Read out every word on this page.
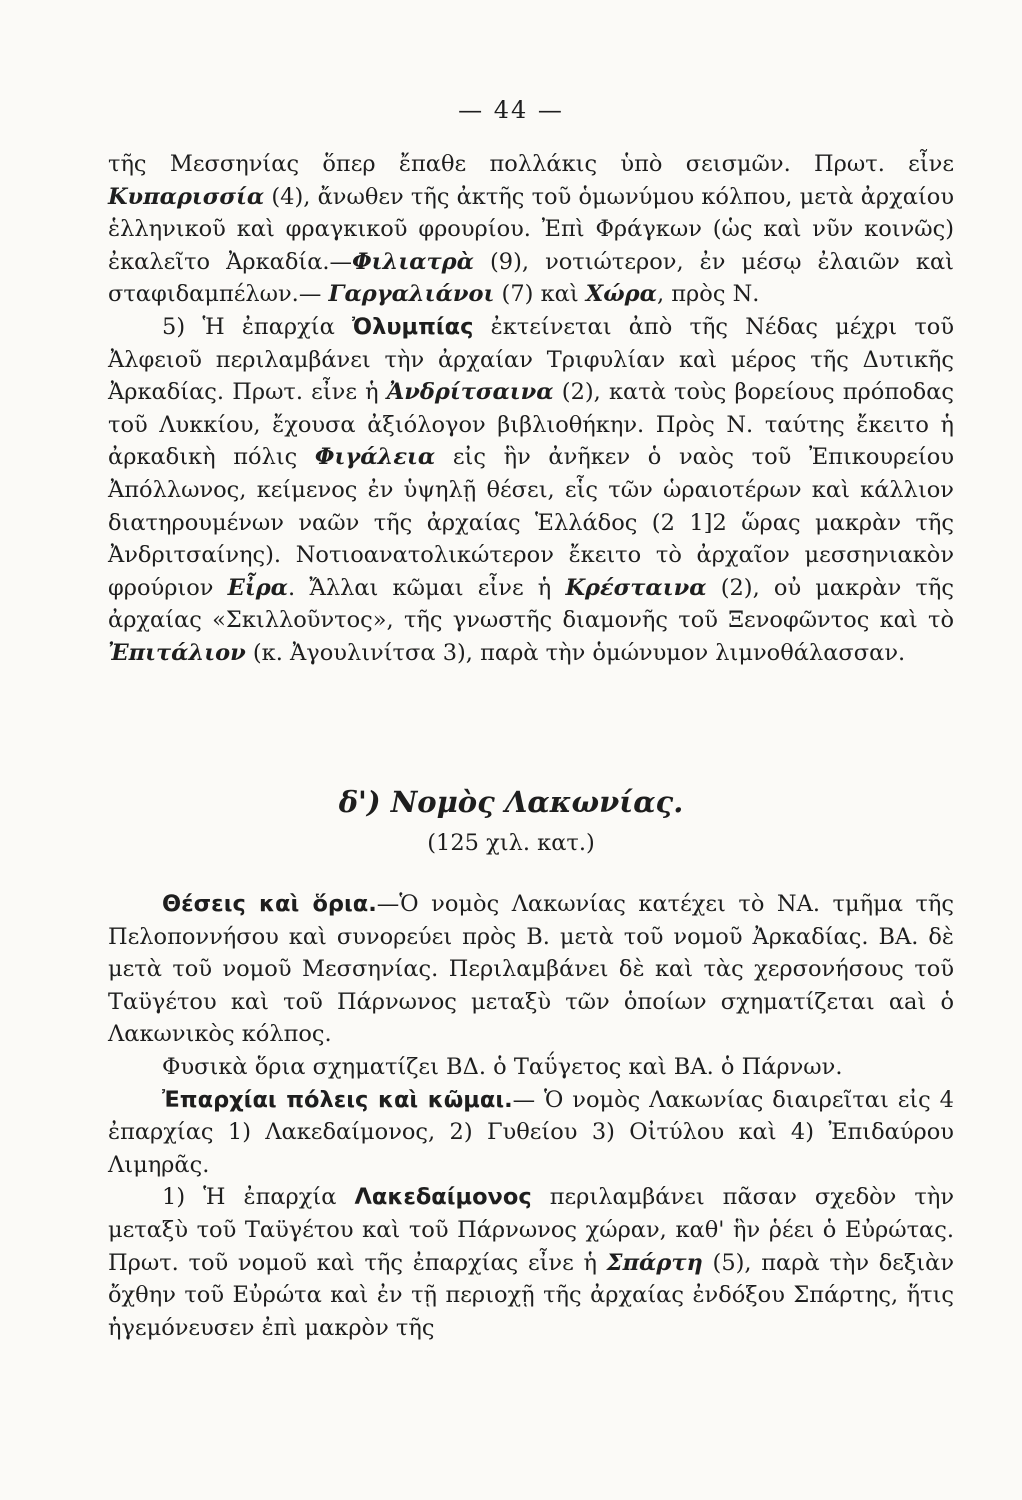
— 44 —

τῆς Μεσσηνίας ὅπερ ἔπαθε πολλάκις ὑπὸ σεισμῶν. Πρωτ. εἶνε Κυπαρισσία (4), ἄνωθεν τῆς ἀκτῆς τοῦ ὁμωνύμου κόλπου, μετὰ ἀρχαίου ἑλληνικοῦ καὶ φραγκικοῦ φρουρίου. Ἐπὶ Φράγκων (ὡς καὶ νῦν κοινῶς) ἐκαλεῖτο Ἀρκαδία.—Φιλιατρὰ (9), νοτιώτερον, ἐν μέσῳ ἐλαιῶν καὶ σταφιδαμπέλων.— Γαργαλιάνοι (7) καὶ Χώρα, πρὸς Ν.

5) Ἡ ἐπαρχία Ὀλυμπίας ἐκτείνεται ἀπὸ τῆς Νέδας μέχρι τοῦ Ἀλφειοῦ περιλαμβάνει τὴν ἀρχαίαν Τριφυλίαν καὶ μέρος τῆς Δυτικῆς Ἀρκαδίας. Πρωτ. εἶνε ἡ Ἀνδρίτσαινα (2), κατὰ τοὺς βορείους πρόποδας τοῦ Λυκκίου, ἔχουσα ἀξιόλογον βιβλιοθήκην. Πρὸς Ν. ταύτης ἔκειτο ἡ ἀρκαδικὴ πόλις Φιγάλεια εἰς ἣν ἀνῆκεν ὁ ναὸς τοῦ Ἐπικουρείου Ἀπόλλωνος, κείμενος ἐν ὑψηλῇ θέσει, εἷς τῶν ὡραιοτέρων καὶ κάλλιον διατηρουμένων ναῶν τῆς ἀρχαίας Ἑλλάδος (2 1]2 ὥρας μακρὰν τῆς Ἀνδριτσαίνης). Νοτιοανατολικώτερον ἔκειτο τὸ ἀρχαῖον μεσσηνιακὸν φρούριον Εἶρα. Ἄλλαι κῶμαι εἶνε ἡ Κρέσταινα (2), οὐ μακρὰν τῆς ἀρχαίας «Σκιλλοῦντος», τῆς γνωστῆς διαμονῆς τοῦ Ξενοφῶντος καὶ τὸ Ἐπιτάλιον (κ. Ἀγουλινίτσα 3), παρὰ τὴν ὁμώνυμον λιμνοθάλασσαν.

δ') Νομὸς Λακωνίας.
(125 χιλ. κατ.)

Θέσεις καὶ ὅρια.—Ὁ νομὸς Λακωνίας κατέχει τὸ ΝΑ. τμῆμα τῆς Πελοποννήσου καὶ συνορεύει πρὸς Β. μετὰ τοῦ νομοῦ Ἀρκαδίας. ΒΑ. δὲ μετὰ τοῦ νομοῦ Μεσσηνίας. Περιλαμβάνει δὲ καὶ τὰς χερσονήσους τοῦ Ταϋγέτου καὶ τοῦ Πάρνωνος μεταξὺ τῶν ὁποίων σχηματίζεται αaὶ ὁ Λακωνικὸς κόλπος.

Φυσικὰ ὅρια σχηματίζει ΒΔ. ὁ Ταΰγετος καὶ ΒΑ. ὁ Πάρνων.

Ἐπαρχίαι πόλεις καὶ κῶμαι.— Ὁ νομὸς Λακωνίας διαιρεῖται εἰς 4 ἐπαρχίας 1) Λακεδαίμονος, 2) Γυθείου 3) Οἰτύλου καὶ 4) Ἐπιδαύρου Λιμηρᾶς.

1) Ἡ ἐπαρχία Λακεδαίμονος περιλαμβάνει πᾶσαν σχεδὸν τὴν μεταξὺ τοῦ Ταϋγέτου καὶ τοῦ Πάρνωνος χώραν, καθ' ἣν ῥέει ὁ Εὐρώτας. Πρωτ. τοῦ νομοῦ καὶ τῆς ἐπαρχίας εἶνε ἡ Σπάρτη (5), παρὰ τὴν δεξιὰν ὄχθην τοῦ Εὐρώτα καὶ ἐν τῇ περιοχῇ τῆς ἀρχαίας ἐνδόξου Σπάρτης, ἥτις ἡγεμόνευσεν ἐπὶ μακρὸν τῆς
